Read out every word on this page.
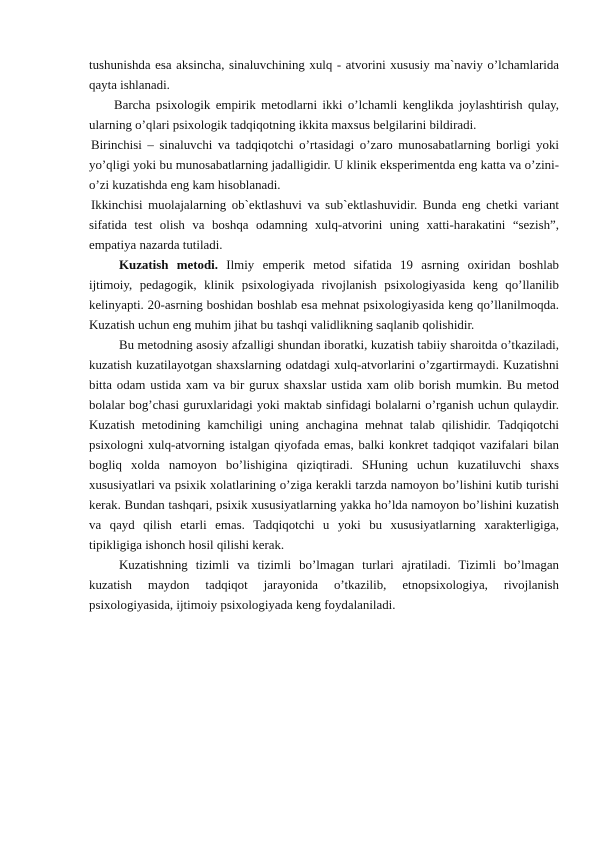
tushunishda esa aksincha, sinaluvchining xulq - atvorini xususiy ma`naviy o’lchamlarida qayta ishlanadi.

Barcha psixologik empirik metodlarni ikki o’lchamli kenglikda joylashtirish qulay, ularning o’qlari psixologik tadqiqotning ikkita maxsus belgilarini bildiradi.

Birinchisi – sinaluvchi va tadqiqotchi o’rtasidagi o’zaro munosabatlarning borligi yoki yo’qligi yoki bu munosabatlarning jadalligidir. U klinik eksperimentda eng katta va o’zini-o’zi kuzatishda eng kam hisoblanadi.

Ikkinchisi muolajalarning ob`ektlashuvi va sub`ektlashuvidir. Bunda eng chetki variant sifatida test olish va boshqa odamning xulq-atvorini uning xatti-harakatini “sezish”, empatiya nazarda tutiladi.

Kuzatish metodi. Ilmiy emperik metod sifatida 19 asrning oxiridan boshlab ijtimoiy, pedagogik, klinik psixologiyada rivojlanish psixologiyasida keng qo’llanilib kelinyapti. 20-asrning boshidan boshlab esa mehnat psixologiyasida keng qo’llanilmoqda. Kuzatish uchun eng muhim jihat bu tashqi validlikning saqlanib qolishidir.

Bu metodning asosiy afzalligi shundan iboratki, kuzatish tabiiy sharoitda o’tkaziladi, kuzatish kuzatilayotgan shaxslarning odatdagi xulq-atvorlarini o’zgartirmaydi. Kuzatishni bitta odam ustida xam va bir gurux shaxslar ustida xam olib borish mumkin. Bu metod bolalar bog’chasi guruxlaridagi yoki maktab sinfidagi bolalarni o’rganish uchun qulaydir. Kuzatish metodining kamchiligi uning anchagina mehnat talab qilishidir. Tadqiqotchi psixologni xulq-atvorning istalgan qiyofada emas, balki konkret tadqiqot vazifalari bilan bogliq xolda namoyon bo’lishigina qiziqtiradi. SHuning uchun kuzatiluvchi shaxs xususiyatlari va psixik xolatlarining o’ziga kerakli tarzda namoyon bo’lishini kutib turishi kerak. Bundan tashqari, psixik xususiyatlarning yakka ho’lda namoyon bo’lishini kuzatish va qayd qilish etarli emas. Tadqiqotchi u yoki bu xususiyatlarning xarakterligiga, tipikligiga ishonch hosil qilishi kerak.

Kuzatishning tizimli va tizimli bo’lmagan turlari ajratiladi. Tizimli bo’lmagan kuzatish maydon tadqiqot jarayonida o’tkazilib, etnopsixologiya, rivojlanish psixologiyasida, ijtimoiy psixologiyada keng foydalaniladi.
